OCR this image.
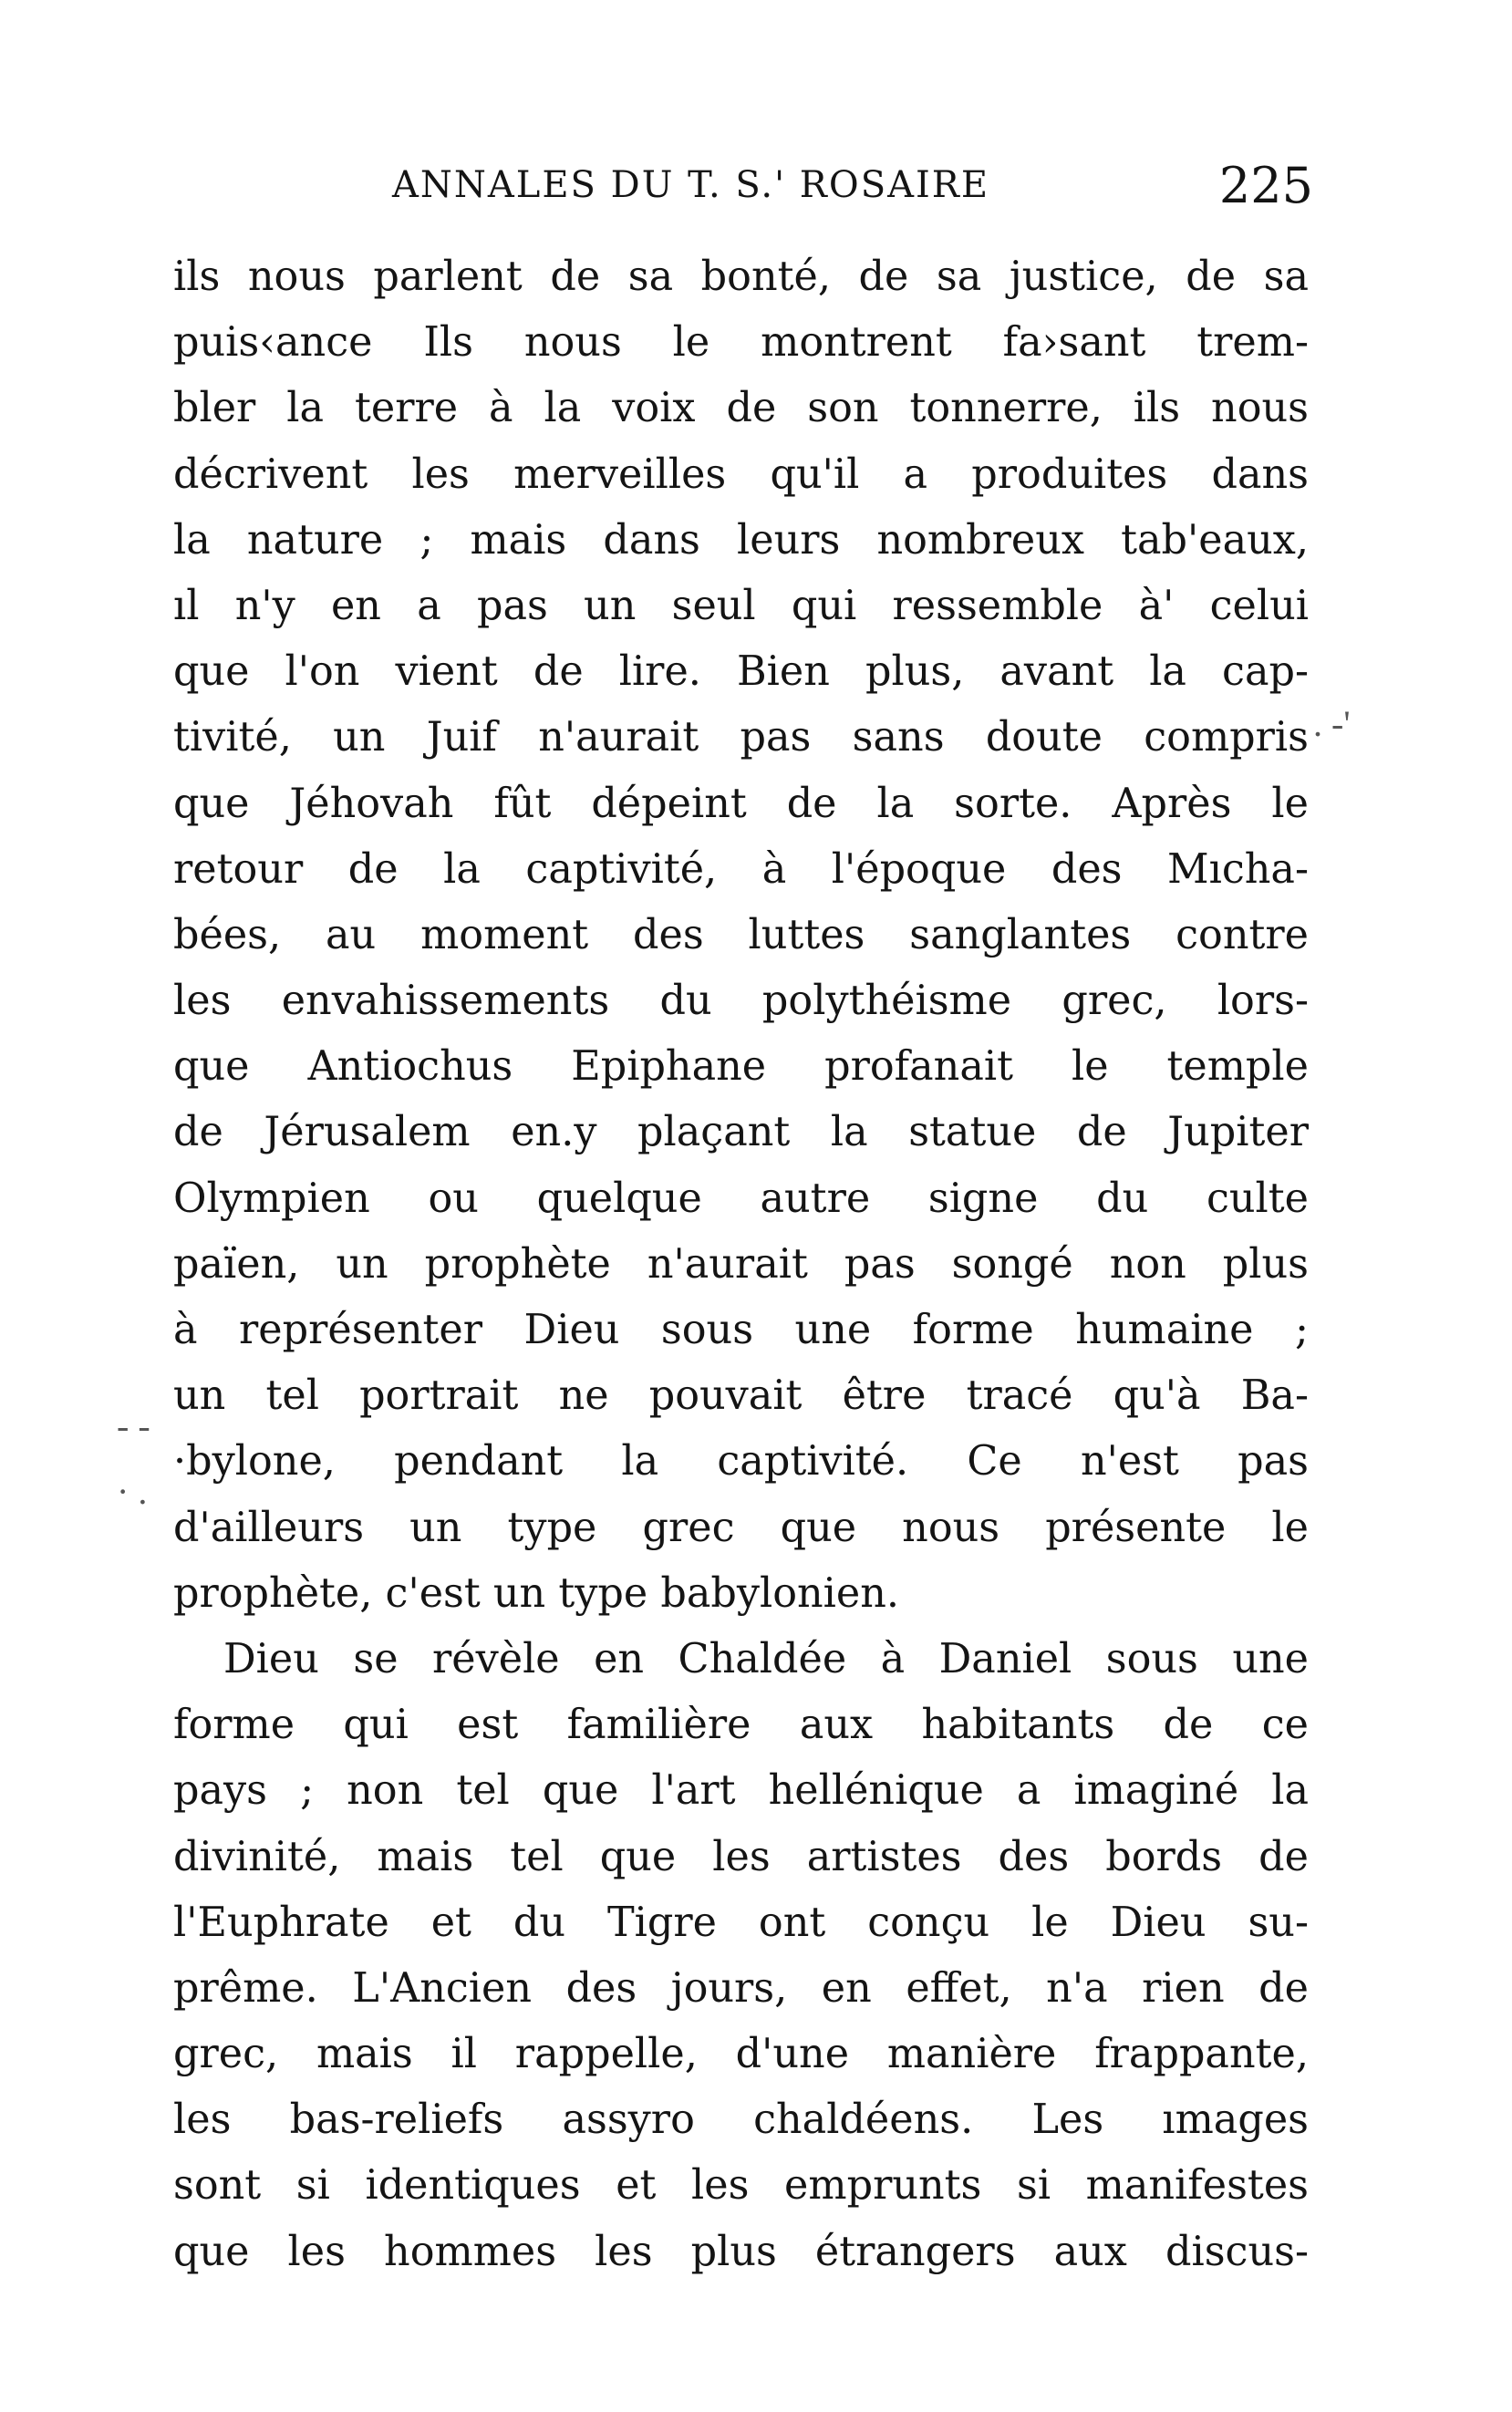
ANNALES DU T. S.' ROSAIRE	225
. -'
- -
· .
ils nous parlent de sa bonté, de sa justice, de sa
puis‹ance Ils nous le montrent fa›sant trem-
bler la terre à la voix de son tonnerre, ils nous
décrivent les merveilles qu'il a produites dans
la nature ; mais dans leurs nombreux tab'eaux,
ıl n'y en a pas un seul qui ressemble à' celui
que l'on vient de lire. Bien plus, avant la cap-
tivité, un Juif n'aurait pas sans doute compris
que Jéhovah fût dépeint de la sorte. Après le
retour de la captivité, à l'époque des Mıcha-
bées, au moment des luttes sanglantes contre
les envahissements du polythéisme grec, lors-
que Antiochus Epiphane profanait le temple
de Jérusalem en.y plaçant la statue de Jupiter
Olympien ou quelque autre signe du culte
païen, un prophète n'aurait pas songé non plus
à représenter Dieu sous une forme humaine ;
un tel portrait ne pouvait être tracé qu'à Ba-
·bylone, pendant la captivité. Ce n'est pas
d'ailleurs un type grec que nous présente le
prophète, c'est un type babylonien.
Dieu se révèle en Chaldée à Daniel sous une
forme qui est familière aux habitants de ce
pays ; non tel que l'art hellénique a imaginé la
divinité, mais tel que les artistes des bords de
l'Euphrate et du Tigre ont conçu le Dieu su-
prême. L'Ancien des jours, en effet, n'a rien de
grec, mais il rappelle, d'une manière frappante,
les bas-reliefs assyro chaldéens. Les ımages
sont si identiques et les emprunts si manifestes
que les hommes les plus étrangers aux discus-
